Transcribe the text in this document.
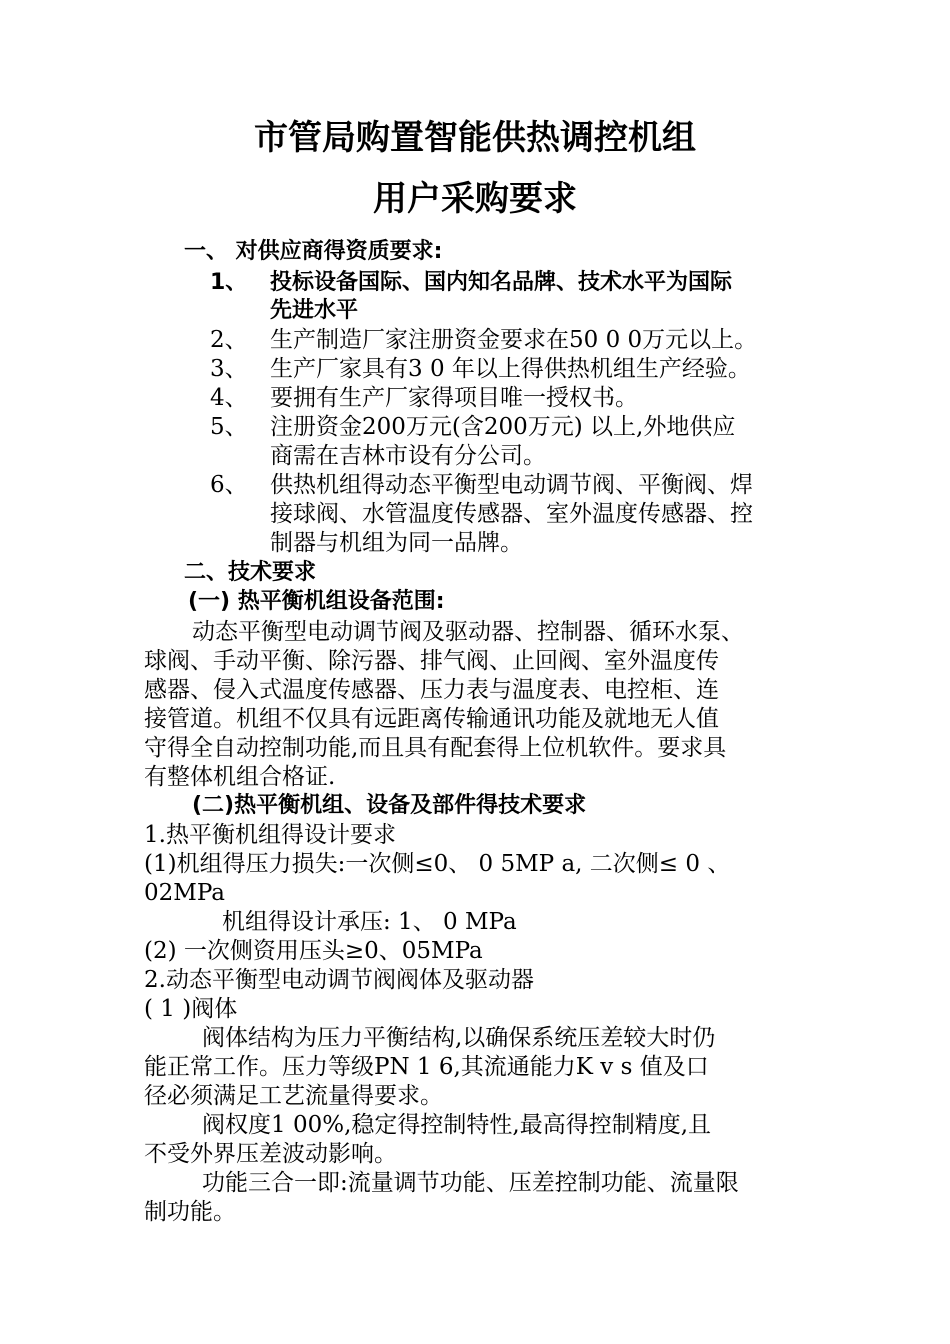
市管局购置智能供热调控机组
用户采购要求
一、 对供应商得资质要求:
1、 投标设备国际、国内知名品牌、技术水平为国际
先进水平
2、 生产制造厂家注册资金要求在50 0 0万元以上。
3、 生产厂家具有3 0 年以上得供热机组生产经验。
4、 要拥有生产厂家得项目唯一授权书。
5、 注册资金200万元(含200万元) 以上,外地供应
商需在吉林市设有分公司。
6、 供热机组得动态平衡型电动调节阀、平衡阀、焊
接球阀、水管温度传感器、室外温度传感器、控
制器与机组为同一品牌。
二、技术要求
(一) 热平衡机组设备范围:
动态平衡型电动调节阀及驱动器、控制器、循环水泵、
球阀、手动平衡、除污器、排气阀、止回阀、室外温度传
感器、侵入式温度传感器、压力表与温度表、电控柜、连
接管道。机组不仅具有远距离传输通讯功能及就地无人值
守得全自动控制功能,而且具有配套得上位机软件。要求具
有整体机组合格证.
(二)热平衡机组、设备及部件得技术要求
1.热平衡机组得设计要求
(1)机组得压力损失:一次侧≤0、 0 5MP a, 二次侧≤ 0 、
02MPa
机组得设计承压: 1、 0 MPa
(2) 一次侧资用压头≥0、05MPa
2.动态平衡型电动调节阀阀体及驱动器
( 1 )阀体
阀体结构为压力平衡结构,以确保系统压差较大时仍
能正常工作。压力等级PN 1 6,其流通能力K v s 值及口
径必须满足工艺流量得要求。
阀权度1 00%,稳定得控制特性,最高得控制精度,且
不受外界压差波动影响。
功能三合一即:流量调节功能、压差控制功能、流量限
制功能。
